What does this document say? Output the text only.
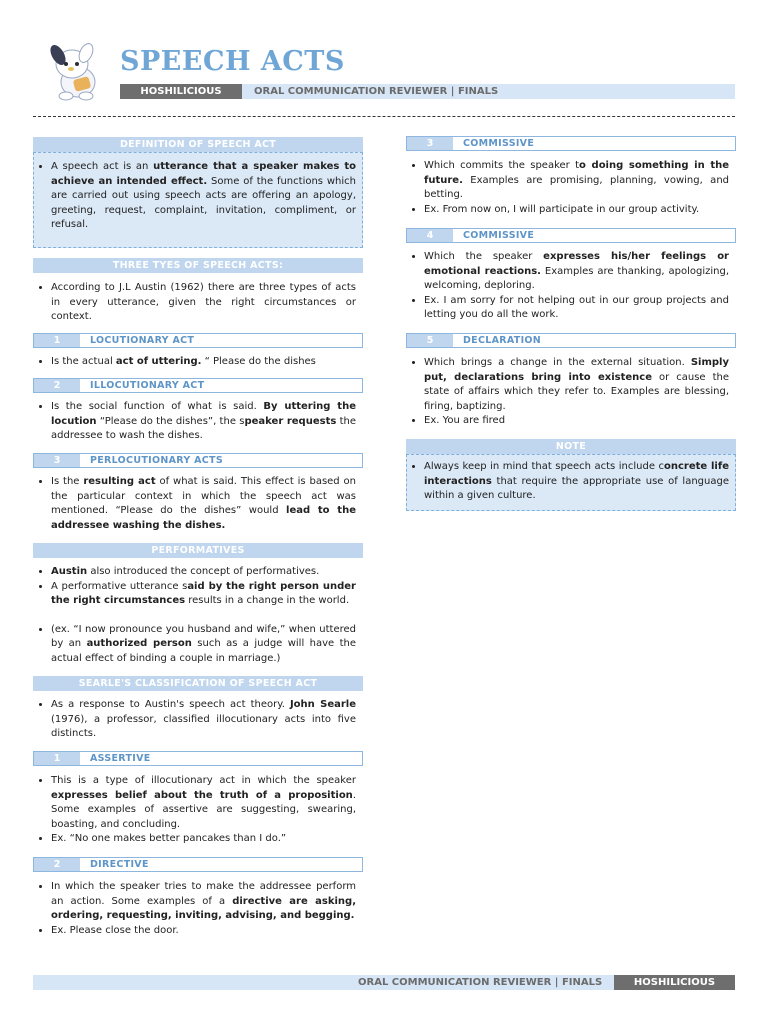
SPEECH ACTS
HOSHILICIOUS	ORAL COMMUNICATION REVIEWER | FINALS
DEFINITION OF SPEECH ACT
• A speech act is an utterance that a speaker makes to achieve an intended effect. Some of the functions which are carried out using speech acts are offering an apology, greeting, request, complaint, invitation, compliment, or refusal.
THREE TYES OF SPEECH ACTS:
• According to J.L Austin (1962) there are three types of acts in every utterance, given the right circumstances or context.
1	LOCUTIONARY ACT
• Is the actual act of uttering. “ Please do the dishes
2	ILLOCUTIONARY ACT
• Is the social function of what is said. By uttering the locution “Please do the dishes”, the speaker requests the addressee to wash the dishes.
3	PERLOCUTIONARY ACTS
• Is the resulting act of what is said. This effect is based on the particular context in which the speech act was mentioned. “Please do the dishes” would lead to the addressee washing the dishes.
PERFORMATIVES
• Austin also introduced the concept of performatives.
• A performative utterance said by the right person under the right circumstances results in a change in the world.
• (ex. “I now pronounce you husband and wife,” when uttered by an authorized person such as a judge will have the actual effect of binding a couple in marriage.)
SEARLE'S CLASSIFICATION OF SPEECH ACT
• As a response to Austin's speech act theory. John Searle (1976), a professor, classified illocutionary acts into five distincts.
1	ASSERTIVE
• This is a type of illocutionary act in which the speaker expresses belief about the truth of a proposition. Some examples of assertive are suggesting, swearing, boasting, and concluding.
• Ex. “No one makes better pancakes than I do.”
2	DIRECTIVE
• In which the speaker tries to make the addressee perform an action. Some examples of a directive are asking, ordering, requesting, inviting, advising, and begging.
• Ex. Please close the door.
3	COMMISSIVE
• Which commits the speaker to doing something in the future. Examples are promising, planning, vowing, and betting.
• Ex. From now on, I will participate in our group activity.
4	COMMISSIVE
• Which the speaker expresses his/her feelings or emotional reactions. Examples are thanking, apologizing, welcoming, deploring.
• Ex. I am sorry for not helping out in our group projects and letting you do all the work.
5	DECLARATION
• Which brings a change in the external situation. Simply put, declarations bring into existence or cause the state of affairs which they refer to. Examples are blessing, firing, baptizing.
• Ex. You are fired
NOTE
• Always keep in mind that speech acts include concrete life interactions that require the appropriate use of language within a given culture.
ORAL COMMUNICATION REVIEWER | FINALS	HOSHILICIOUS
